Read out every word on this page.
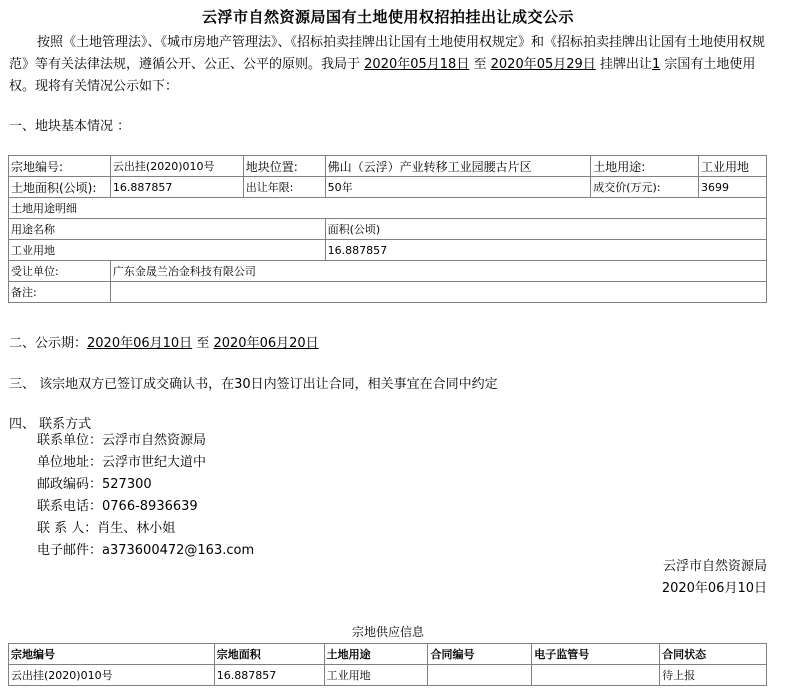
云浮市自然资源局国有土地使用权招拍挂出让成交公示
按照《土地管理法》、《城市房地产管理法》、《招标拍卖挂牌出让国有土地使用权规定》和《招标拍卖挂牌出让国有土地使用权规范》等有关法律法规，遵循公开、公正、公平的原则。我局于 2020年05月18日 至 2020年05月29日 挂牌出让1 宗国有土地使用权。现将有关情况公示如下：
一、地块基本情况 ：
宗地编号:	云出挂(2020)010号	地块位置:	佛山（云浮）产业转移工业园腰古片区	土地用途:	工业用地
土地面积(公顷):	16.887857	出让年限:	50年	成交价(万元):	3699
土地用途明细					
用途名称			面积(公顷)		
工业用地			16.887857		
受让单位:	广东金晟兰冶金科技有限公司				
备注:					
二、公示期：2020年06月10日 至 2020年06月20日
三、 该宗地双方已签订成交确认书，在30日内签订出让合同，相关事宜在合同中约定
四、 联系方式
联系单位：云浮市自然资源局
单位地址：云浮市世纪大道中
邮政编码：527300
联系电话：0766-8936639
联 系 人：肖生、林小姐
电子邮件：a373600472@163.com
云浮市自然资源局
2020年06月10日
宗地供应信息
宗地编号	宗地面积	土地用途	合同编号	电子监管号	合同状态
云出挂(2020)010号	16.887857	工业用地			待上报
